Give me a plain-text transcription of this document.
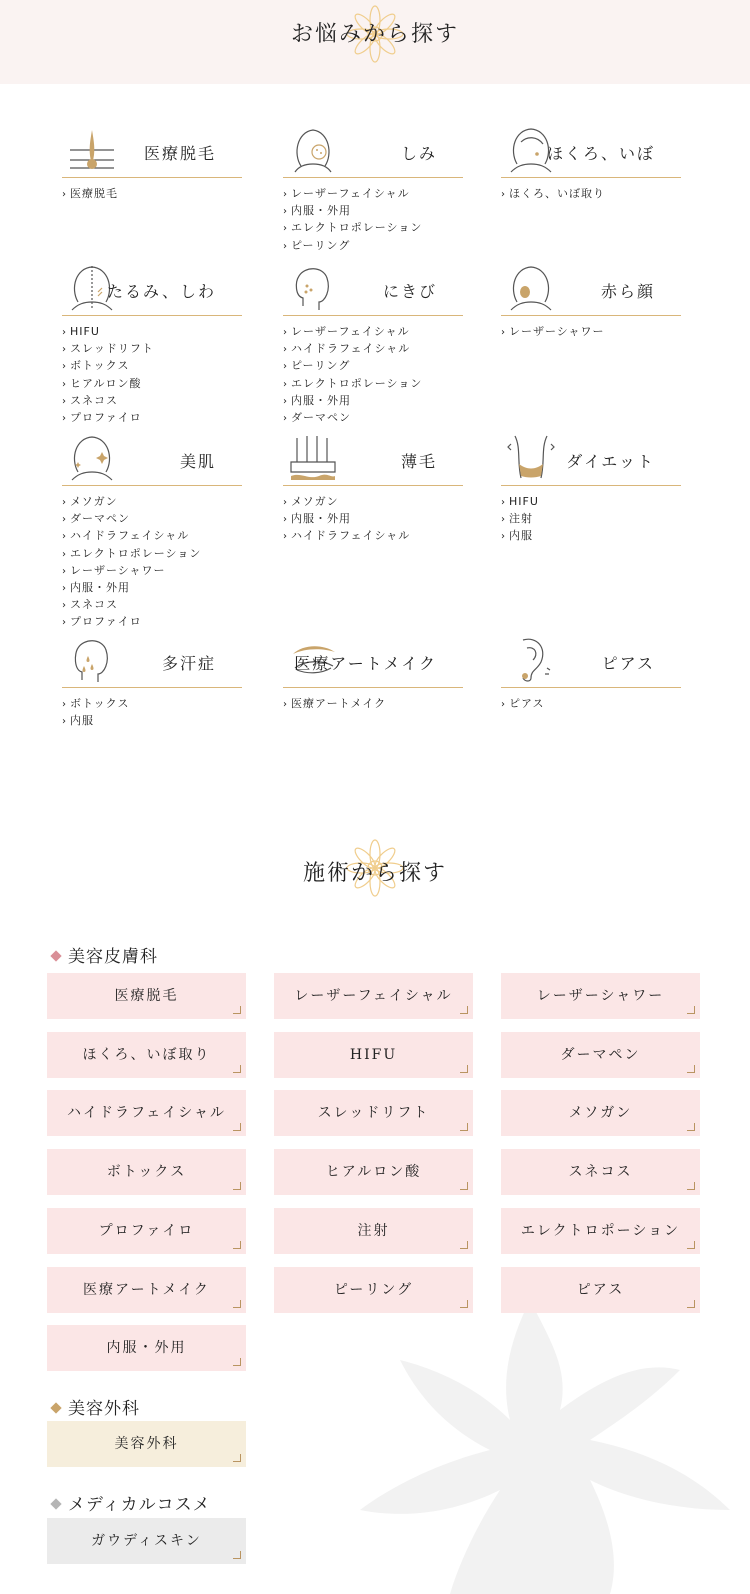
お悩みから探す
医療脱毛
› 医療脱毛
しみ
› レーザーフェイシャル
› 内服・外用
› エレクトロポレーション
› ピーリング
ほくろ、いぼ
› ほくろ、いぼ取り
たるみ、しわ
› HIFU
› スレッドリフト
› ボトックス
› ヒアルロン酸
› スネコス
› プロファイロ
にきび
› レーザーフェイシャル
› ハイドラフェイシャル
› ピーリング
› エレクトロポレーション
› 内服・外用
› ダーマペン
赤ら顔
› レーザーシャワー
美肌
› メソガン
› ダーマペン
› ハイドラフェイシャル
› エレクトロポレーション
› レーザーシャワー
› 内服・外用
› スネコス
› プロファイロ
薄毛
› メソガン
› 内服・外用
› ハイドラフェイシャル
ダイエット
› HIFU
› 注射
› 内服
多汗症
› ボトックス
› 内服
医療アートメイク
› 医療アートメイク
ピアス
› ピアス
施術から探す
美容皮膚科
医療脱毛	レーザーフェイシャル	レーザーシャワー
ほくろ、いぼ取り	HIFU	ダーマペン
ハイドラフェイシャル	スレッドリフト	メソガン
ボトックス	ヒアルロン酸	スネコス
プロファイロ	注射	エレクトロポーション
医療アートメイク	ピーリング	ピアス
内服・外用
美容外科
美容外科
メディカルコスメ
ガウディスキン
